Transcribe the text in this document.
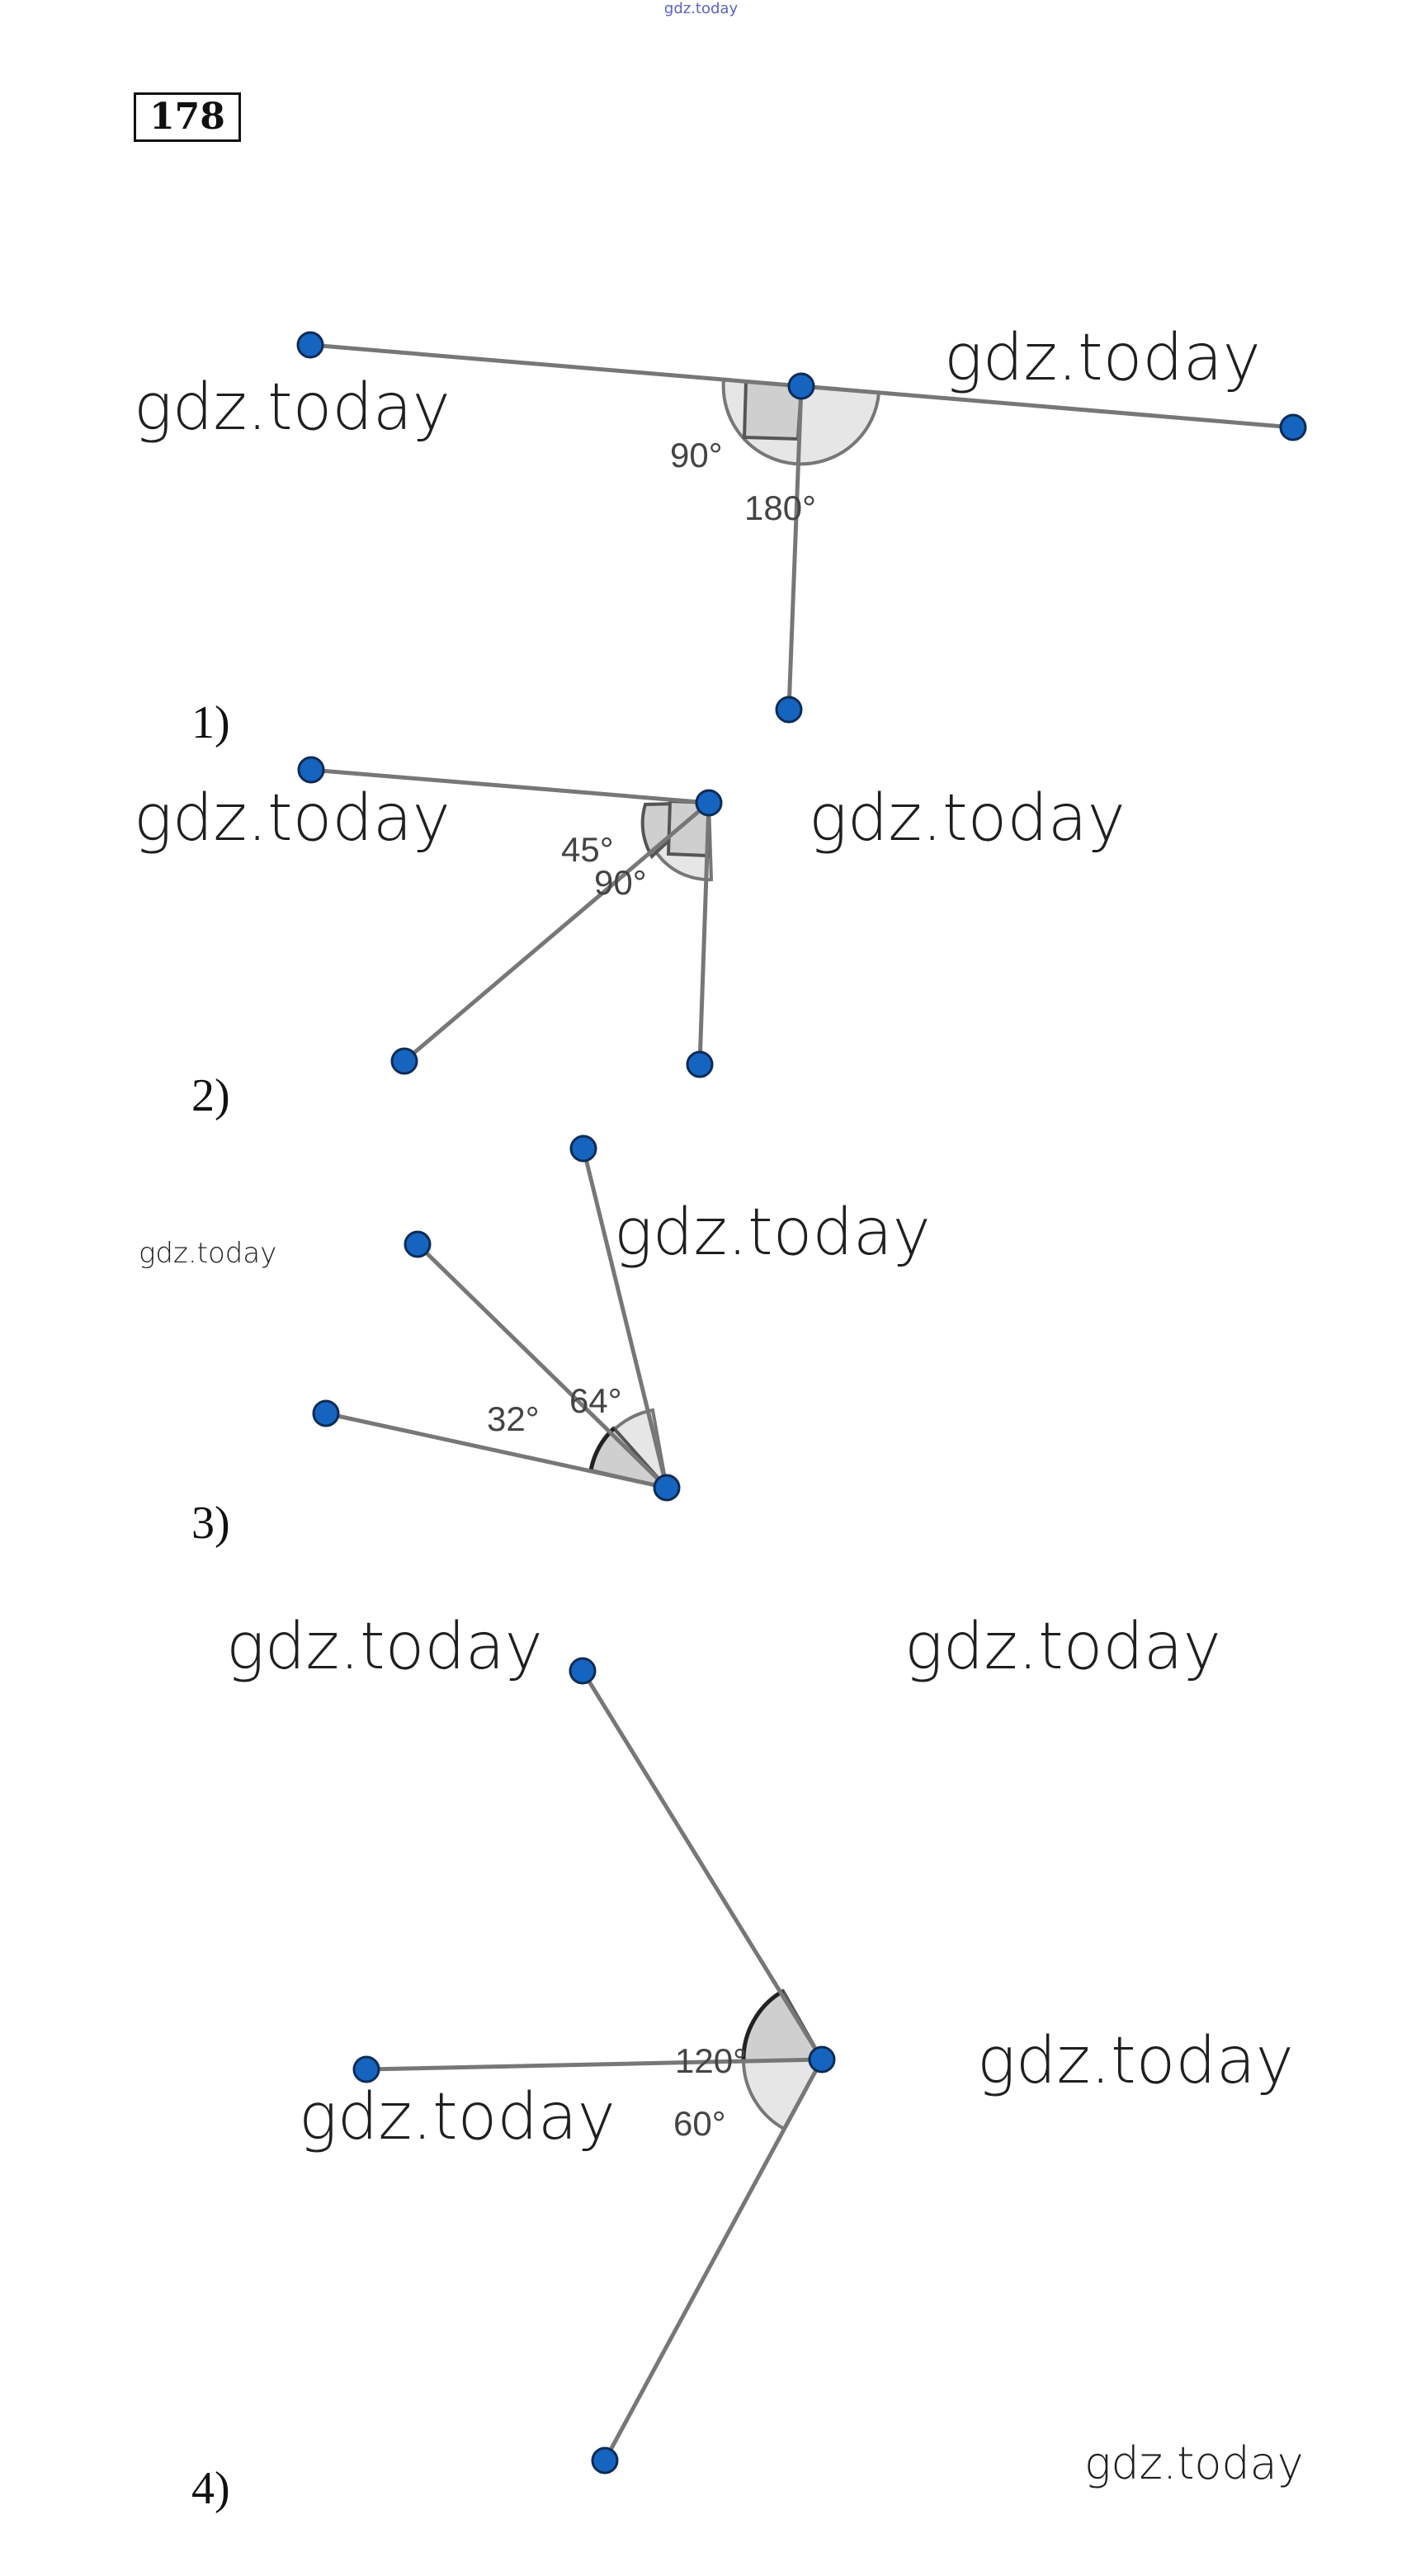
gdz.today
178
90°
180°
1)
45°
90°
2)
32° 64°
3)
120°
60°
4)
gdz.today
gdz.today
gdz.today	gdz.today
gdz.today	gdz.today
gdz.today	gdz.today
gdz.today
gdz.today
gdz.today
